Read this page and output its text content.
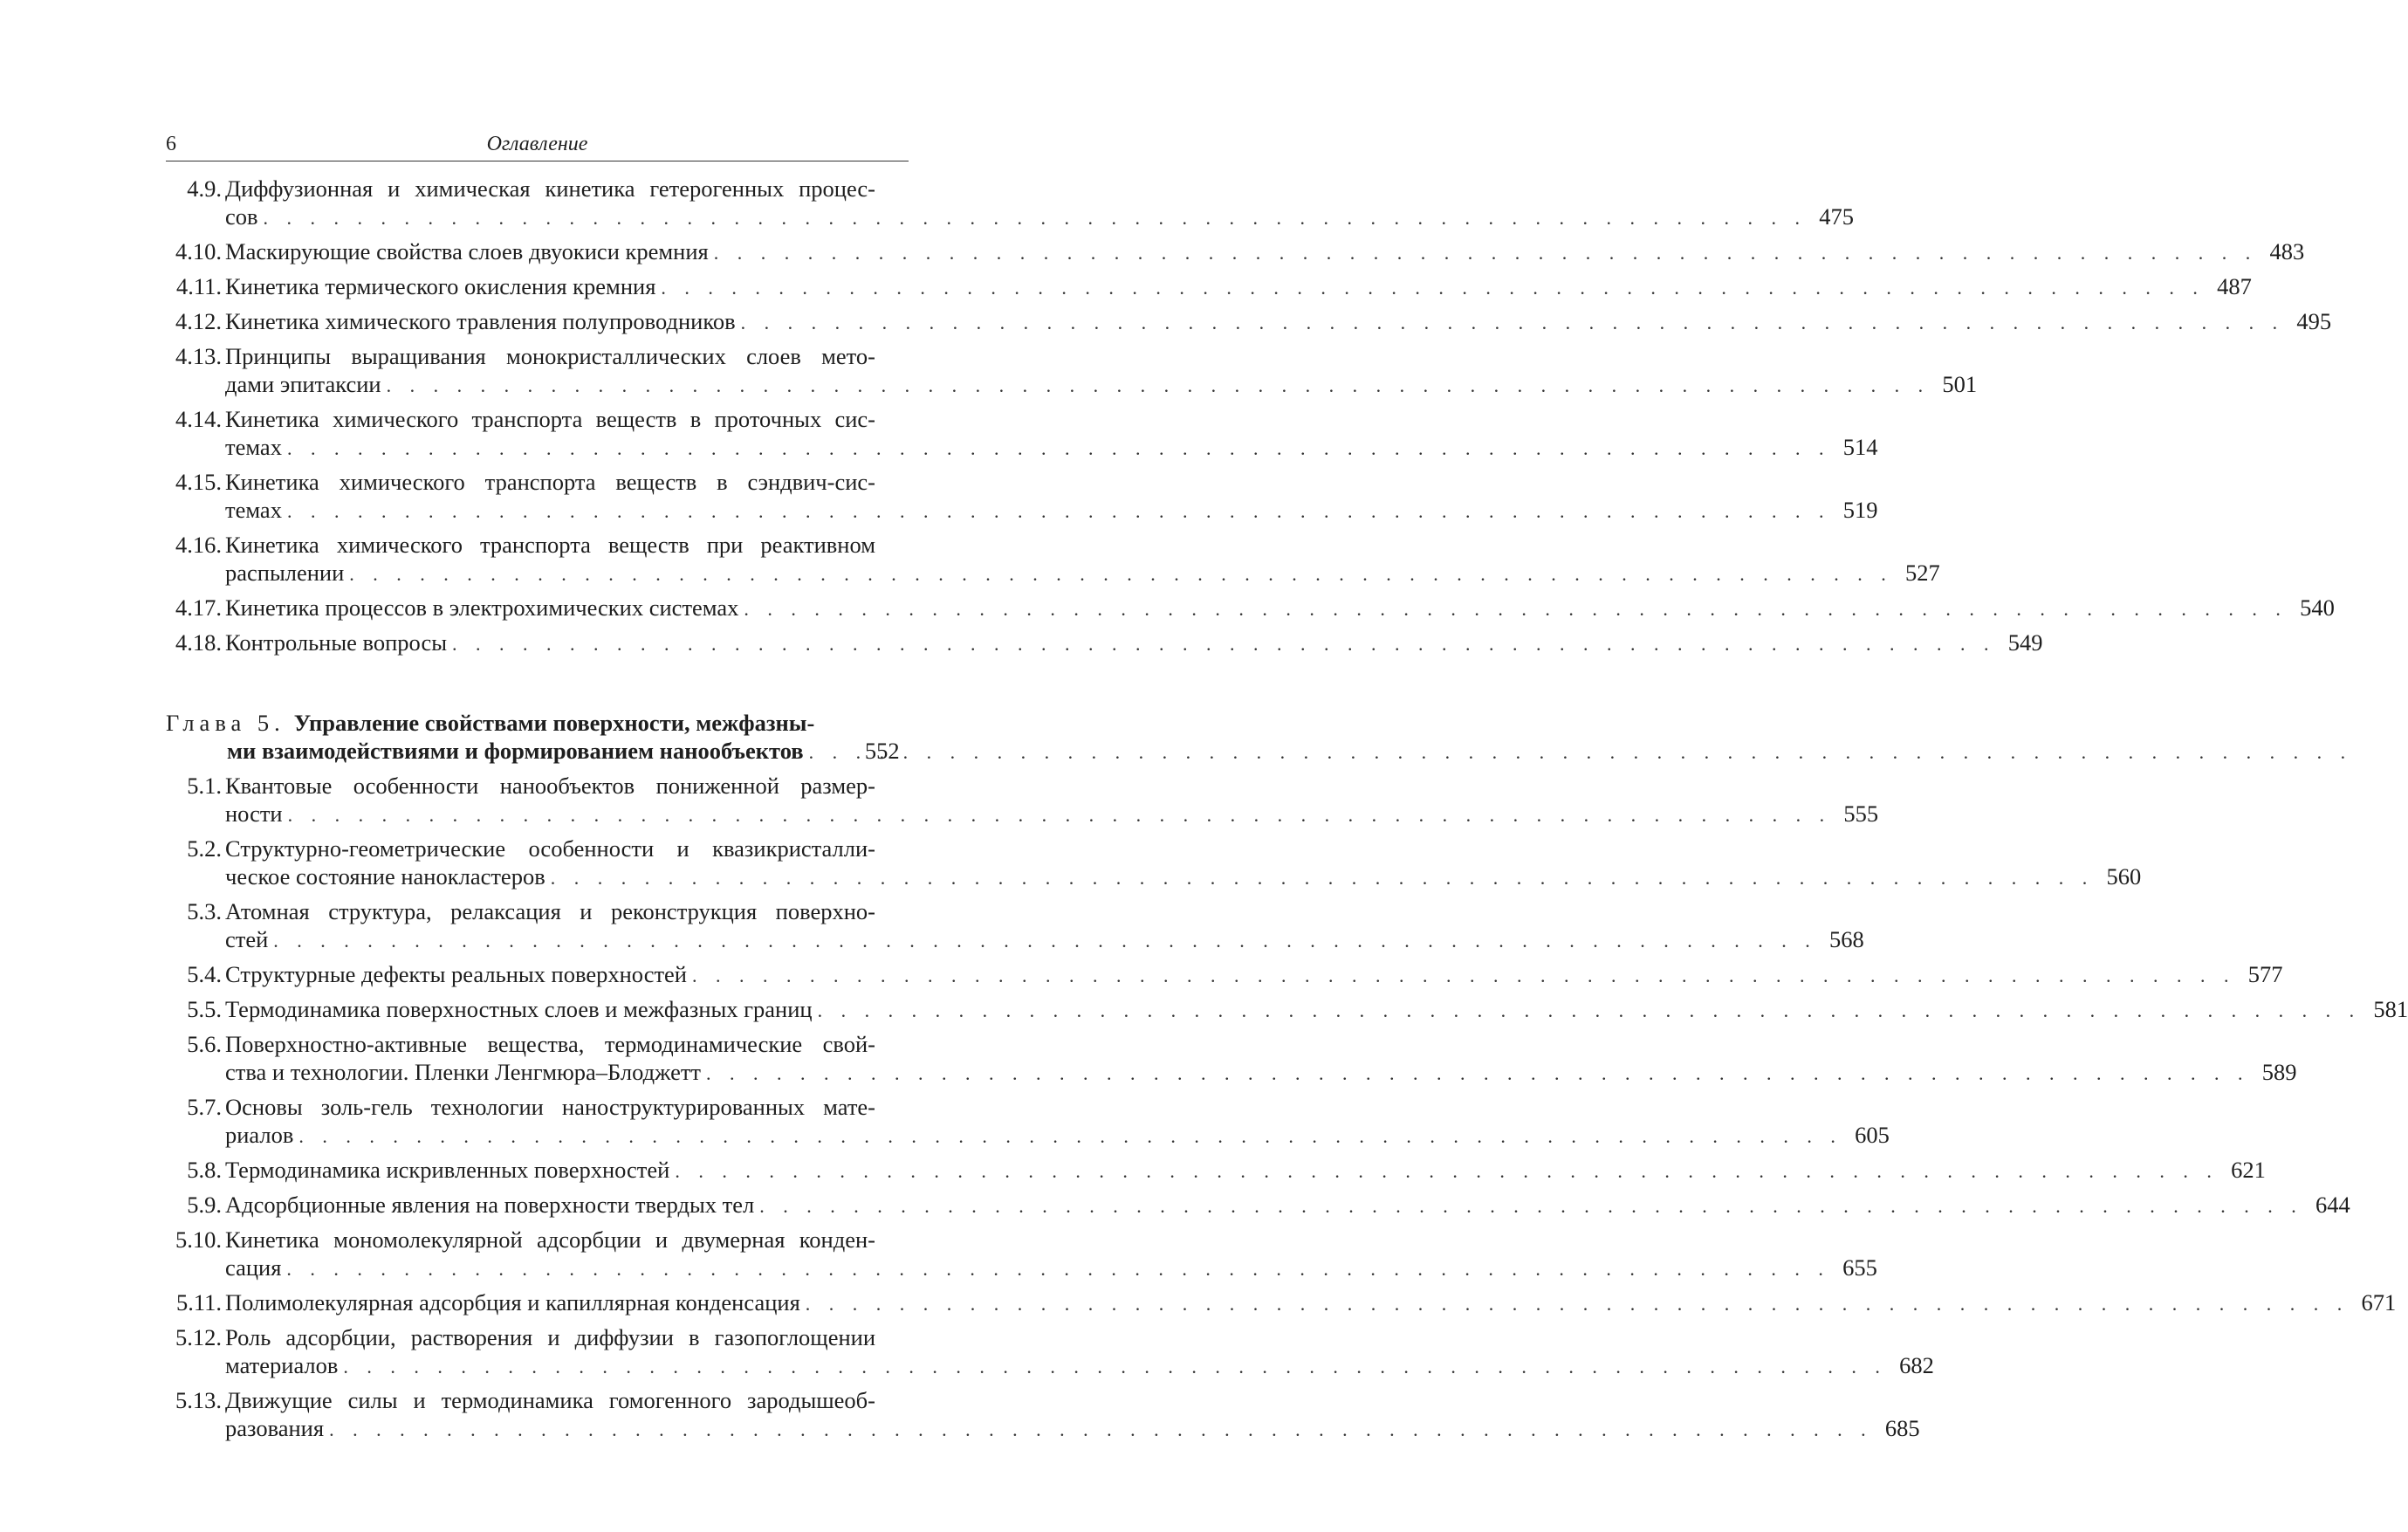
6	Оглавление
4.9. Диффузионная и химическая кинетика гетерогенных процес-
сов . . .	475
4.10. Маскирующие свойства слоев двуокиси кремния . . .	483
4.11. Кинетика термического окисления кремния . . .	487
4.12. Кинетика химического травления полупроводников . . .	495
4.13. Принципы выращивания монокристаллических слоев мето-
дами эпитаксии . . .	501
4.14. Кинетика химического транспорта веществ в проточных сис-
темах . . .	514
4.15. Кинетика химического транспорта веществ в сэндвич-сис-
темах . . .	519
4.16. Кинетика химического транспорта веществ при реактивном
распылении . . .	527
4.17. Кинетика процессов в электрохимических системах . . .	540
4.18. Контрольные вопросы . . .	549
Глава 5. Управление свойствами поверхности, межфазны-
ми взаимодействиями и формированием нанообъектов . . .	552
5.1. Квантовые особенности нанообъектов пониженной размер-
ности . . .	555
5.2. Структурно-геометрические особенности и квазикристалли-
ческое состояние нанокластеров . . .	560
5.3. Атомная структура, релаксация и реконструкция поверхно-
стей . . .	568
5.4. Структурные дефекты реальных поверхностей . . .	577
5.5. Термодинамика поверхностных слоев и межфазных границ . . .	581
5.6. Поверхностно-активные вещества, термодинамические свой-
ства и технологии. Пленки Ленгмюра–Блоджетт . . .	589
5.7. Основы золь-гель технологии наноструктурированных мате-
риалов . . .	605
5.8. Термодинамика искривленных поверхностей . . .	621
5.9. Адсорбционные явления на поверхности твердых тел . . .	644
5.10. Кинетика мономолекулярной адсорбции и двумерная конден-
сация . . .	655
5.11. Полимолекулярная адсорбция и капиллярная конденсация . . .	671
5.12. Роль адсорбции, растворения и диффузии в газопоглощении
материалов . . .	682
5.13. Движущие силы и термодинамика гомогенного зародышеоб-
разования . . .	685
